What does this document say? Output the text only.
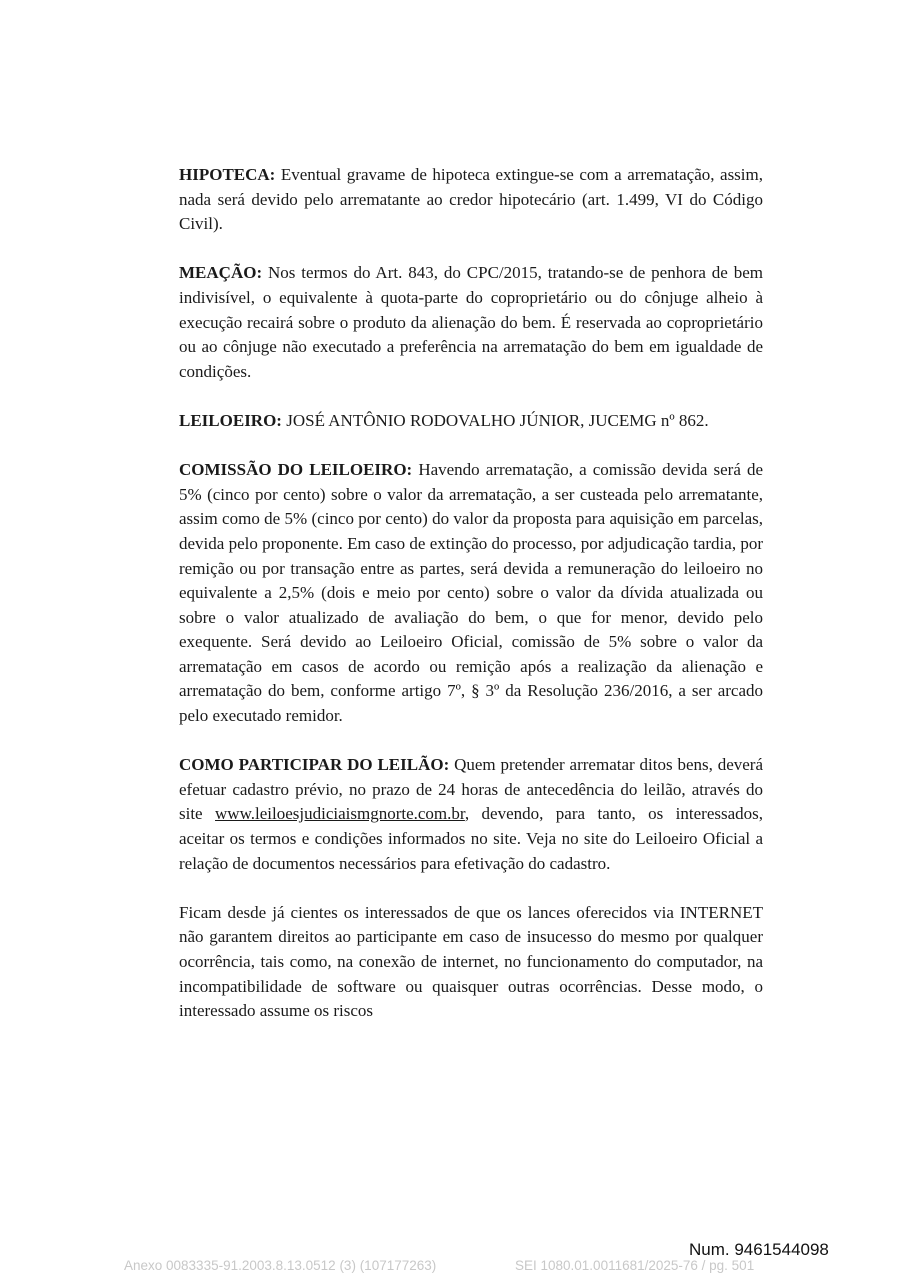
HIPOTECA: Eventual gravame de hipoteca extingue-se com a arrematação, assim, nada será devido pelo arrematante ao credor hipotecário (art. 1.499, VI do Código Civil).

MEAÇÃO: Nos termos do Art. 843, do CPC/2015, tratando-se de penhora de bem indivisível, o equivalente à quota-parte do coproprietário ou do cônjuge alheio à execução recairá sobre o produto da alienação do bem. É reservada ao coproprietário ou ao cônjuge não executado a preferência na arrematação do bem em igualdade de condições.

LEILOEIRO: JOSÉ ANTÔNIO RODOVALHO JÚNIOR, JUCEMG nº 862.

COMISSÃO DO LEILOEIRO: Havendo arrematação, a comissão devida será de 5% (cinco por cento) sobre o valor da arrematação, a ser custeada pelo arrematante, assim como de 5% (cinco por cento) do valor da proposta para aquisição em parcelas, devida pelo proponente. Em caso de extinção do processo, por adjudicação tardia, por remição ou por transação entre as partes, será devida a remuneração do leiloeiro no equivalente a 2,5% (dois e meio por cento) sobre o valor da dívida atualizada ou sobre o valor atualizado de avaliação do bem, o que for menor, devido pelo exequente. Será devido ao Leiloeiro Oficial, comissão de 5% sobre o valor da arrematação em casos de acordo ou remição após a realização da alienação e arrematação do bem, conforme artigo 7º, § 3º da Resolução 236/2016, a ser arcado pelo executado remidor.

COMO PARTICIPAR DO LEILÃO: Quem pretender arrematar ditos bens, deverá efetuar cadastro prévio, no prazo de 24 horas de antecedência do leilão, através do site www.leiloesjudiciaismgnorte.com.br, devendo, para tanto, os interessados, aceitar os termos e condições informados no site. Veja no site do Leiloeiro Oficial a relação de documentos necessários para efetivação do cadastro.

Ficam desde já cientes os interessados de que os lances oferecidos via INTERNET não garantem direitos ao participante em caso de insucesso do mesmo por qualquer ocorrência, tais como, na conexão de internet, no funcionamento do computador, na incompatibilidade de software ou quaisquer outras ocorrências. Desse modo, o interessado assume os riscos

Num. 9461544098
Anexo 0083335-91.2003.8.13.0512 (3) (107177263)	SEI 1080.01.0011681/2025-76 / pg. 501
